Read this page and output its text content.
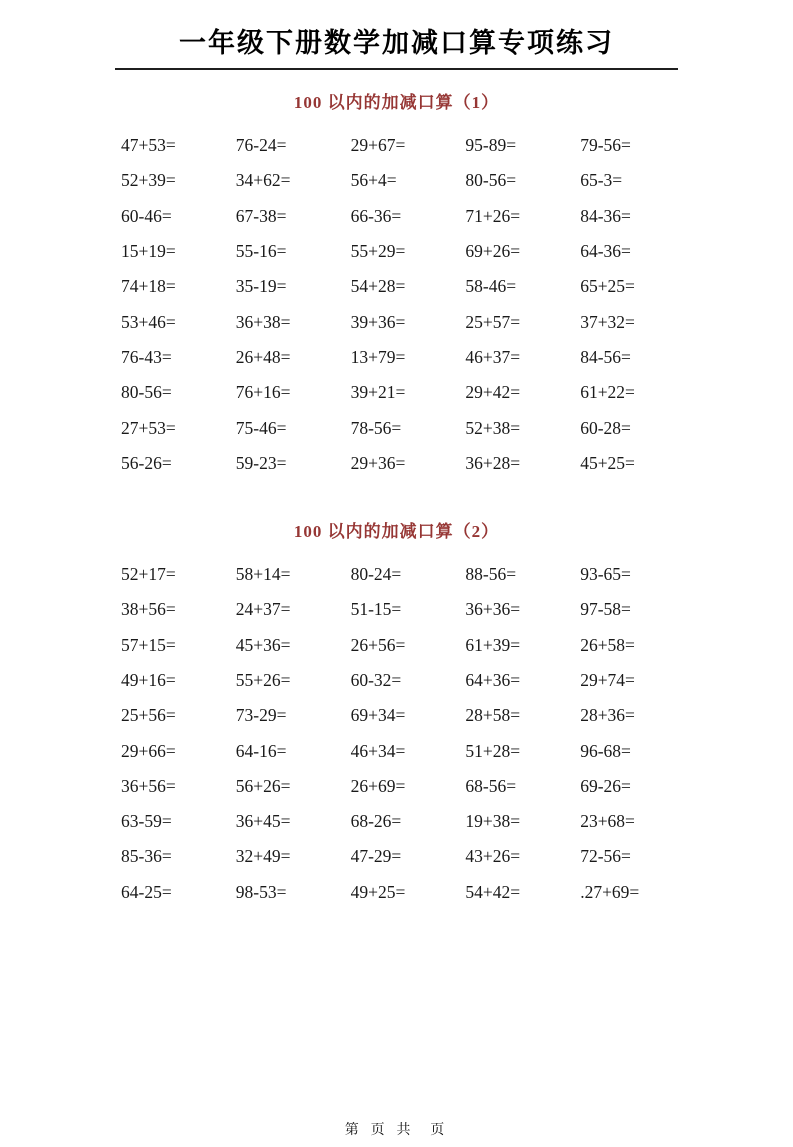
一年级下册数学加减口算专项练习
100 以内的加减口算（1）
47+53=	76-24=	29+67=	95-89=	79-56=
52+39=	34+62=	56+4=	80-56=	65-3=
60-46=	67-38=	66-36=	71+26=	84-36=
15+19=	55-16=	55+29=	69+26=	64-36=
74+18=	35-19=	54+28=	58-46=	65+25=
53+46=	36+38=	39+36=	25+57=	37+32=
76-43=	26+48=	13+79=	46+37=	84-56=
80-56=	76+16=	39+21=	29+42=	61+22=
27+53=	75-46=	78-56=	52+38=	60-28=
56-26=	59-23=	29+36=	36+28=	45+25=
100 以内的加减口算（2）
52+17=	58+14=	80-24=	88-56=	93-65=
38+56=	24+37=	51-15=	36+36=	97-58=
57+15=	45+36=	26+56=	61+39=	26+58=
49+16=	55+26=	60-32=	64+36=	29+74=
25+56=	73-29=	69+34=	28+58=	28+36=
29+66=	64-16=	46+34=	51+28=	96-68=
36+56=	56+26=	26+69=	68-56=	69-26=
63-59=	36+45=	68-26=	19+38=	23+68=
85-36=	32+49=	47-29=	43+26=	72-56=
64-25=	98-53=	49+25=	54+42=	.27+69=
第 页 共  页
